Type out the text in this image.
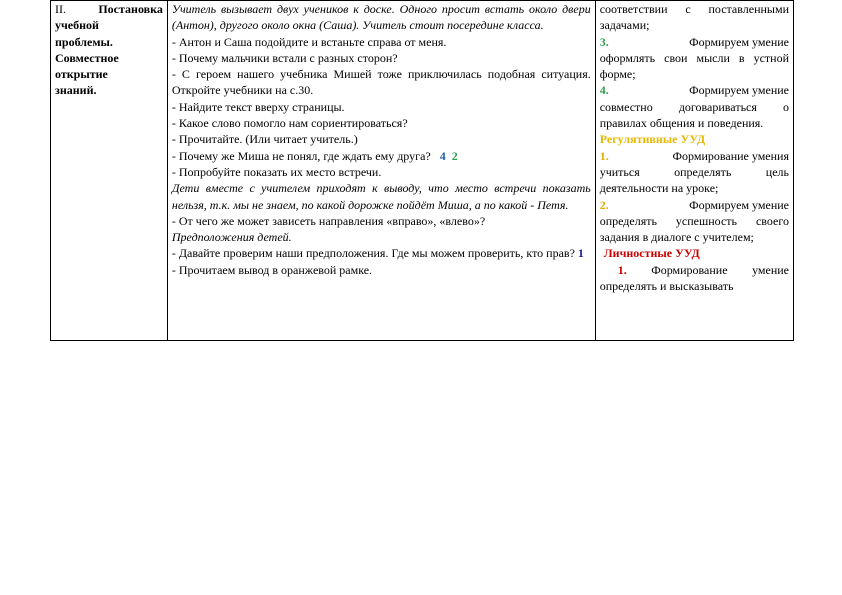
II.	Постановка
учебной
проблемы.
Совместное
открытие
знаний.

Учитель вызывает двух учеников к доске. Одного просит встать около двери (Антон), другого около окна (Саша). Учитель стоит посередине класса.
- Антон и Саша подойдите и встаньте справа от меня.
- Почему мальчики встали с разных сторон?
- С героем нашего учебника Мишей тоже приключилась подобная ситуация. Откройте учебники на с.30.
- Найдите текст вверху страницы.
- Какое слово помогло нам сориентироваться?
- Прочитайте. (Или читает учитель.)
- Почему же Миша не понял, где ждать ему друга? 4 2
- Попробуйте показать их место встречи.
Дети вместе с учителем приходят к выводу, что место встречи показать нельзя, т.к. мы не знаем, по какой дорожке пойдёт Миша, а по какой - Петя.
- От чего же может зависеть направления «вправо», «влево»?
Предположения детей.
- Давайте проверим наши предположения. Где мы можем проверить, кто прав? 1
- Прочитаем вывод в оранжевой рамке.

соответствии с поставленными задачами;
3.	Формируем умение
оформлять свои мысли в устной форме;
4.	Формируем умение
совместно договариваться о правилах общения и поведения.
Регулятивные УУД
1.	Формирование умения
учиться определять цель деятельности на уроке;
2.	Формируем умение
определять успешность своего задания в диалоге с учителем;
Личностные УУД
1. Формирование умение определять и высказывать
